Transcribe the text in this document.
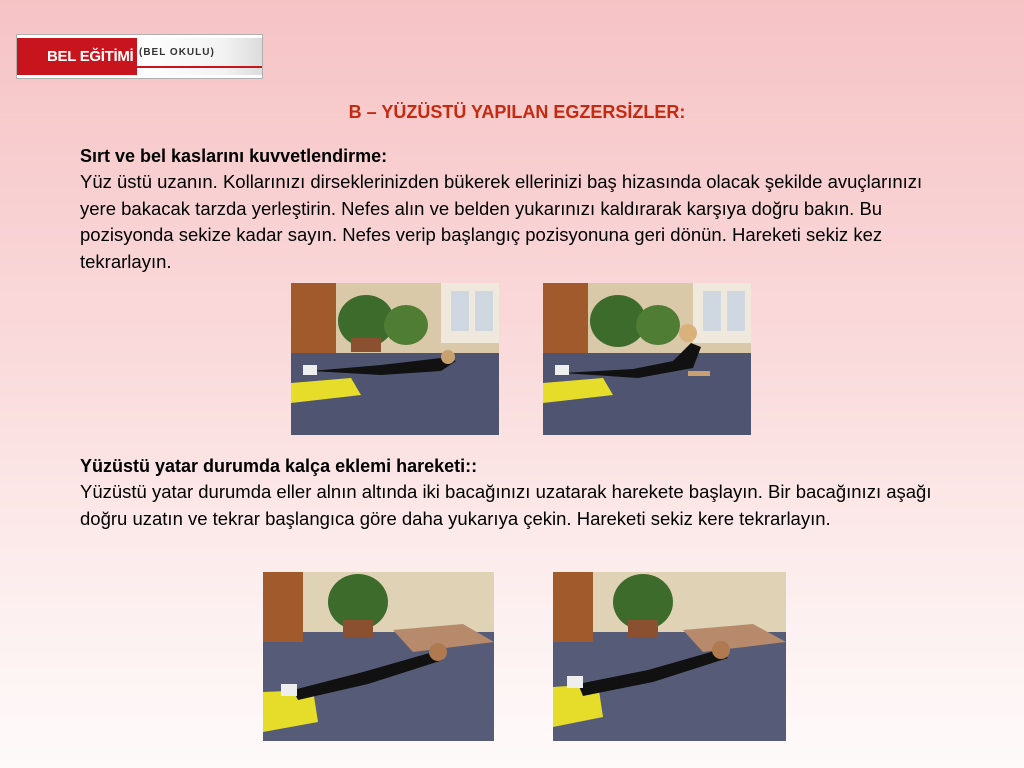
BEL EĞİTİMİ (BEL OKULU)
B – YÜZÜSTÜ YAPILAN EGZERSİZLER:
Sırt ve bel kaslarını kuvvetlendirme:
Yüz üstü uzanın. Kollarınızı dirseklerinizden bükerek ellerinizi baş hizasında olacak şekilde avuçlarınızı yere bakacak tarzda yerleştirin. Nefes alın ve belden yukarınızı kaldırarak karşıya doğru bakın. Bu pozisyonda sekize kadar sayın. Nefes verip başlangıç pozisyonuna geri dönün. Hareketi sekiz kez tekrarlayın.
Yüzüstü yatar durumda kalça eklemi hareketi::
Yüzüstü yatar durumda eller alnın altında iki bacağınızı uzatarak harekete başlayın. Bir bacağınızı aşağı doğru uzatın ve tekrar başlangıca göre daha yukarıya çekin. Hareketi sekiz kere tekrarlayın.
